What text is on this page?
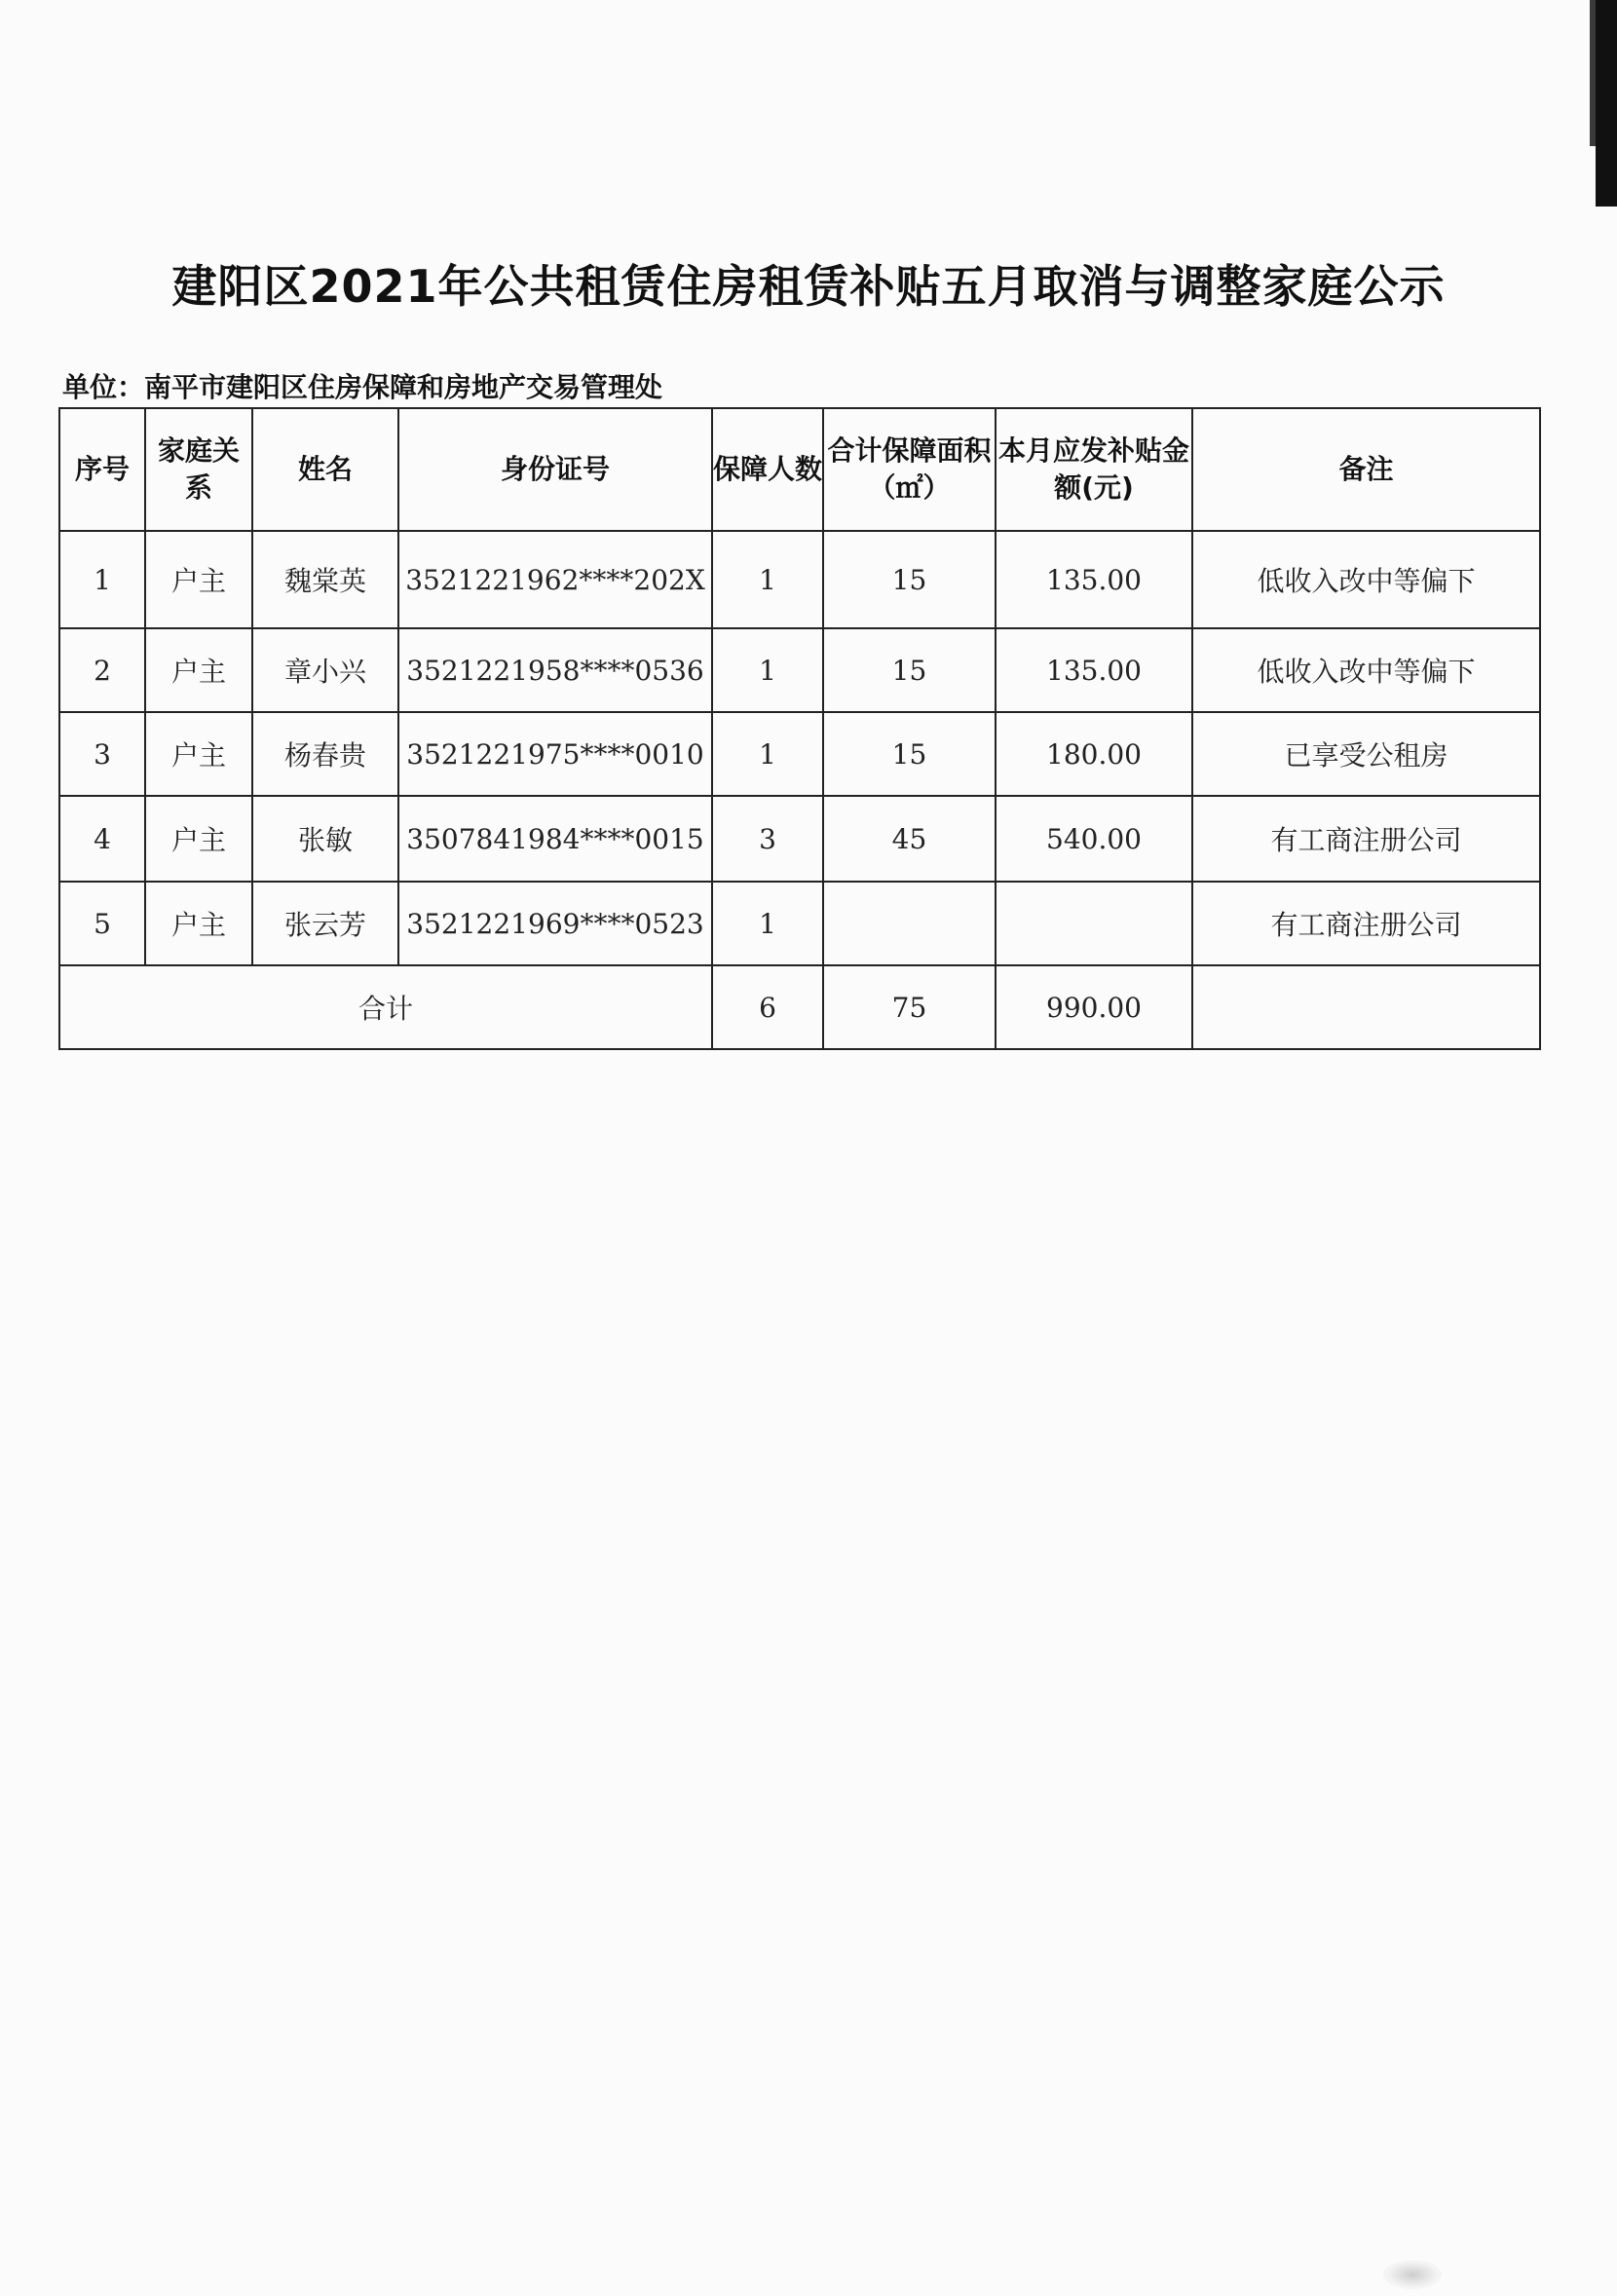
建阳区2021年公共租赁住房租赁补贴五月取消与调整家庭公示
单位：南平市建阳区住房保障和房地产交易管理处
序号	家庭关系	姓名	身份证号	保障人数	合计保障面积（㎡）	本月应发补贴金额(元)	备注
1	户主	魏棠英	3521221962****202X	1	15	135.00	低收入改中等偏下
2	户主	章小兴	3521221958****0536	1	15	135.00	低收入改中等偏下
3	户主	杨春贵	3521221975****0010	1	15	180.00	已享受公租房
4	户主	张敏	3507841984****0015	3	45	540.00	有工商注册公司
5	户主	张云芳	3521221969****0523	1			有工商注册公司
合计				6	75	990.00	
